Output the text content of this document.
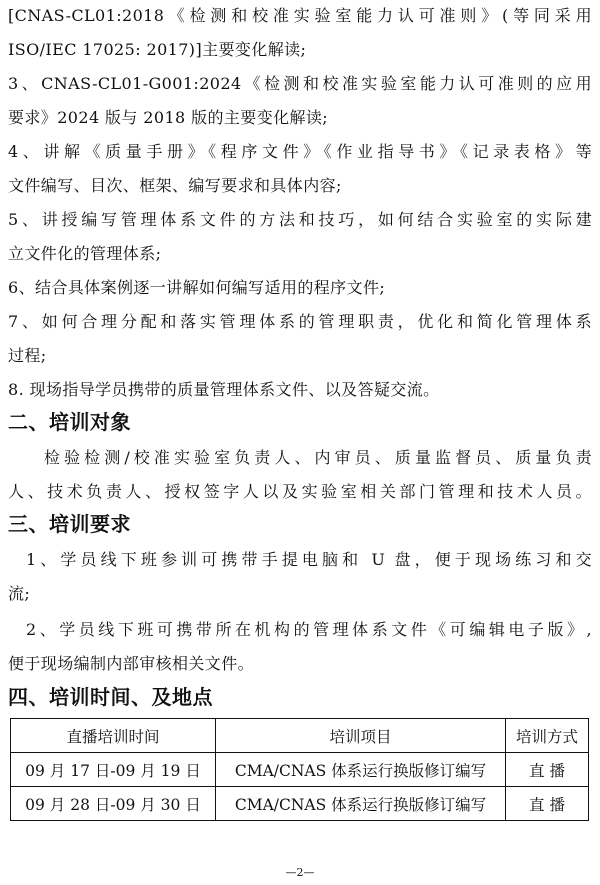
[CNAS-CL01:2018《检测和校准实验室能力认可准则》(等同采用
ISO/IEC 17025: 2017)]主要变化解读;
3、CNAS-CL01-G001:2024《检测和校准实验室能力认可准则的应用
要求》2024 版与 2018 版的主要变化解读;
4、讲解《质量手册》《程序文件》《作业指导书》《记录表格》等
文件编写、目次、框架、编写要求和具体内容;
5、讲授编写管理体系文件的方法和技巧，如何结合实验室的实际建
立文件化的管理体系;
6、结合具体案例逐一讲解如何编写适用的程序文件;
7、如何合理分配和落实管理体系的管理职责，优化和简化管理体系
过程;
8. 现场指导学员携带的质量管理体系文件、以及答疑交流。
二、培训对象
检验检测/校准实验室负责人、内审员、质量监督员、质量负责
人、技术负责人、授权签字人以及实验室相关部门管理和技术人员。
三、培训要求
1、学员线下班参训可携带手提电脑和 U 盘，便于现场练习和交
流;
2、学员线下班可携带所在机构的管理体系文件《可编辑电子版》,
便于现场编制内部审核相关文件。
四、培训时间、及地点
直播培训时间	培训项目	培训方式
09 月 17 日-09 月 19 日	CMA/CNAS 体系运行换版修订编写	直 播
09 月 28 日-09 月 30 日	CMA/CNAS 体系运行换版修订编写	直 播
—2—
